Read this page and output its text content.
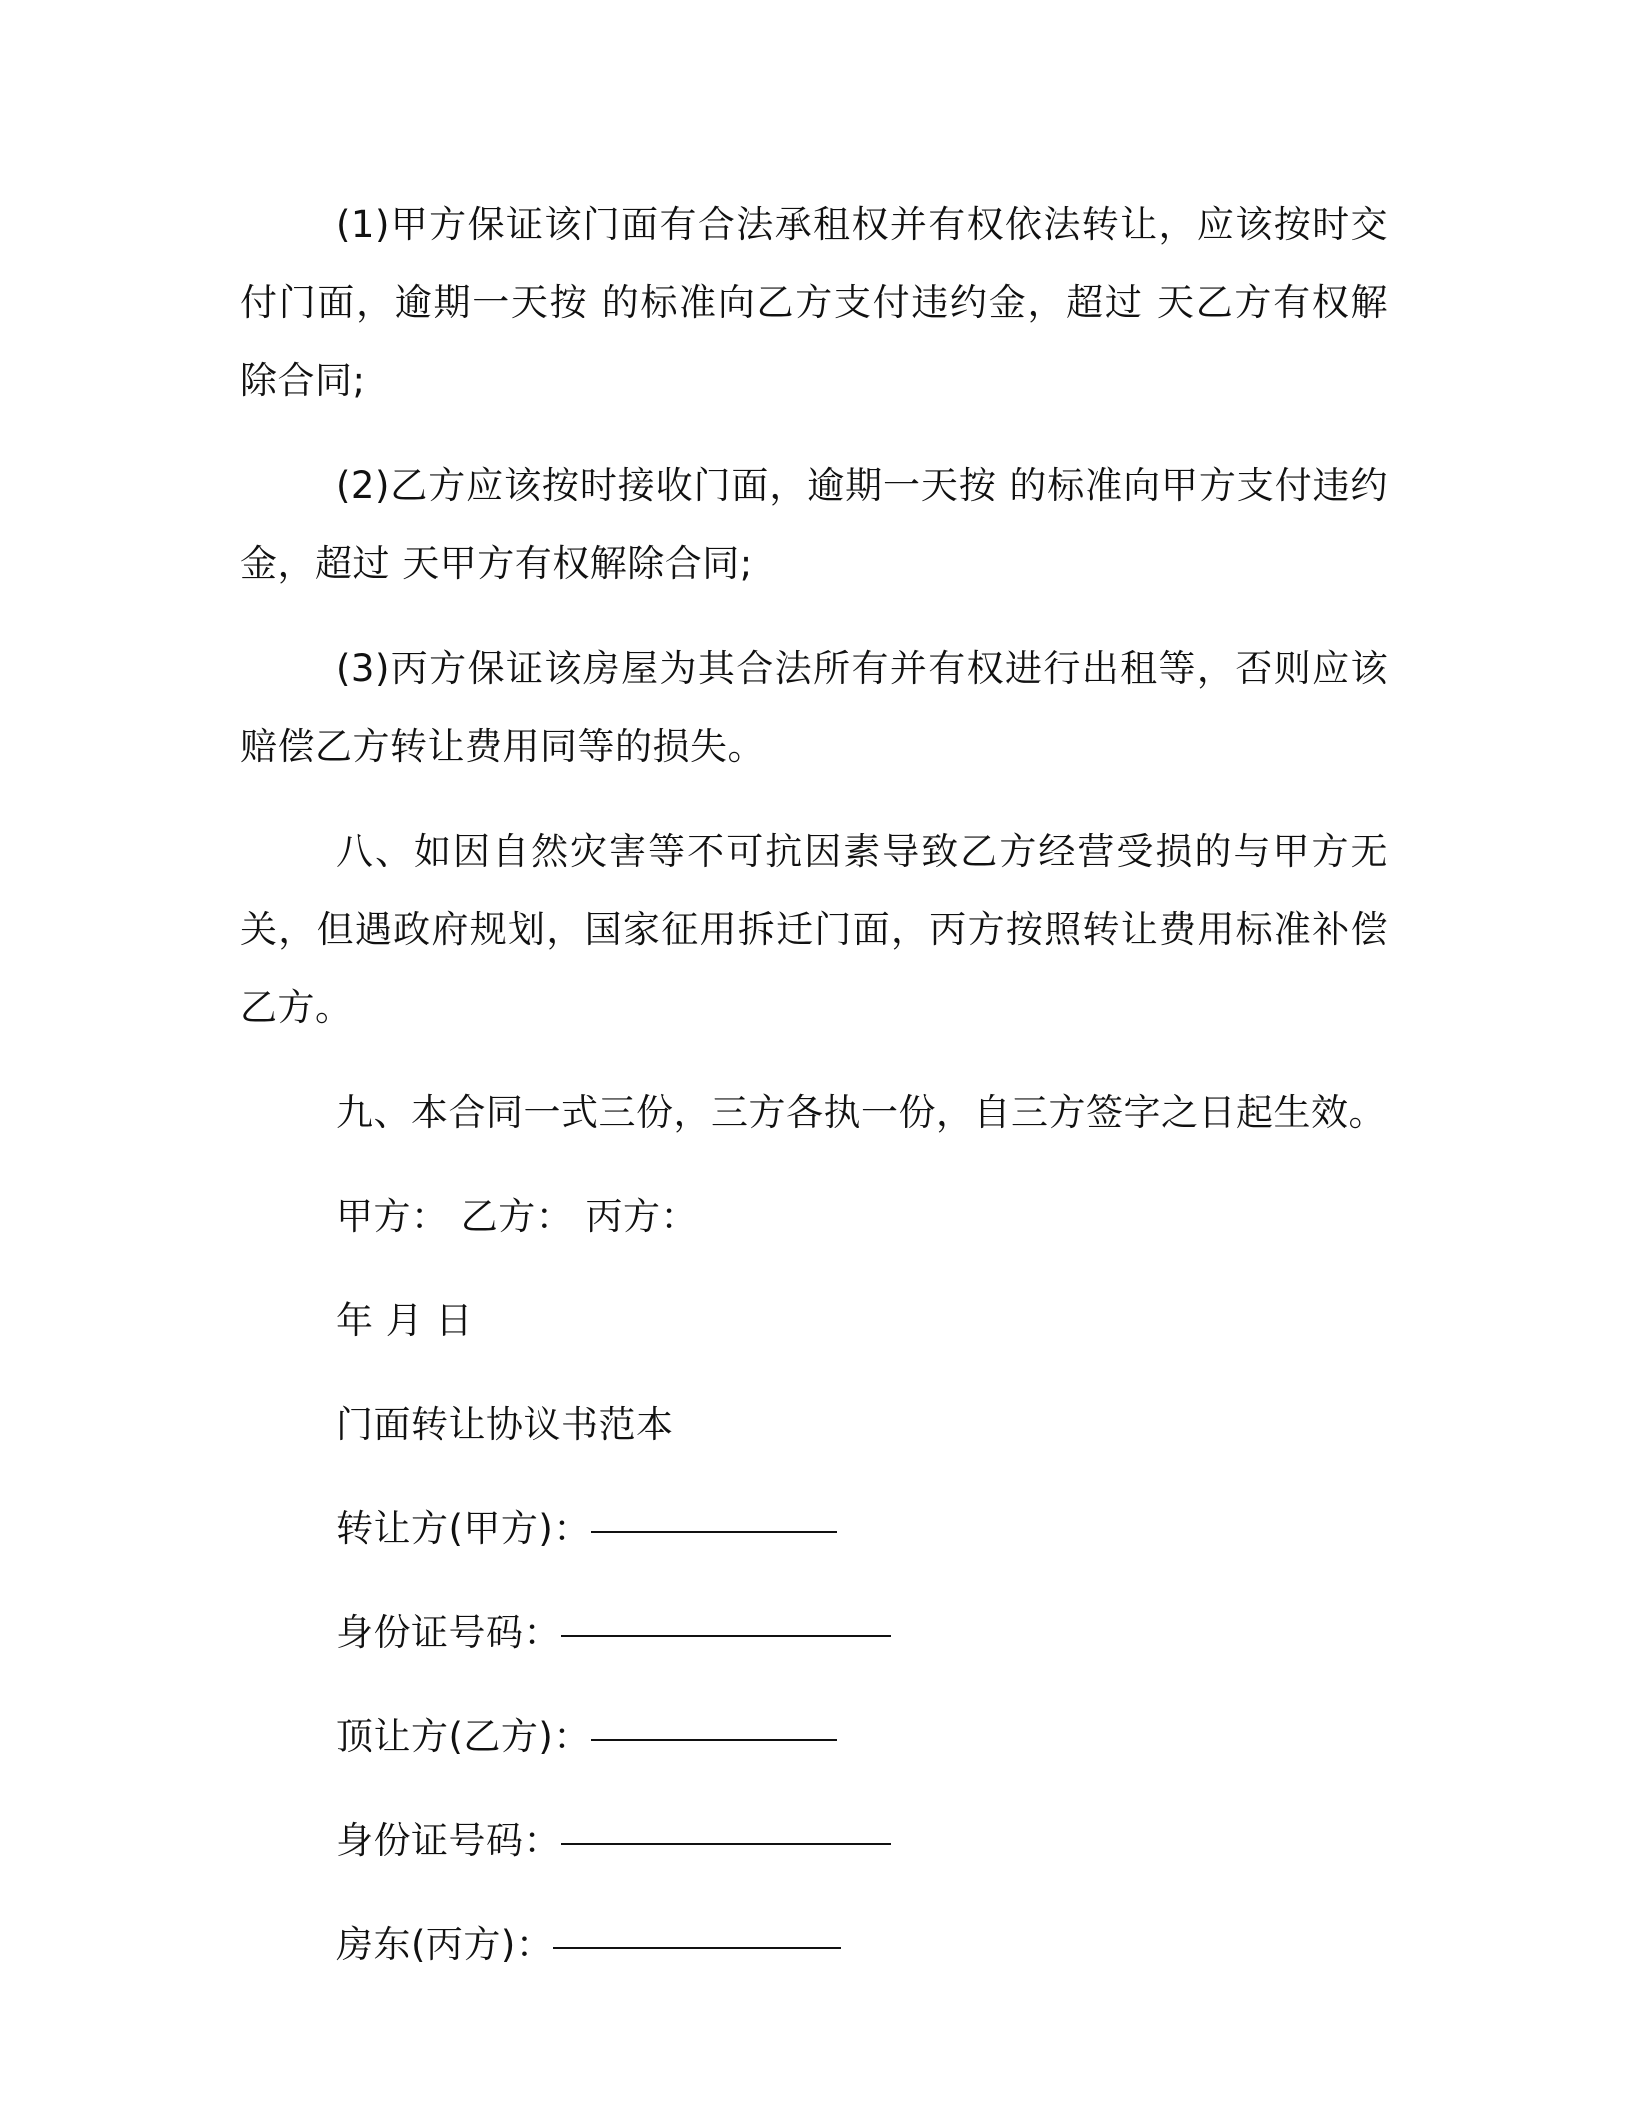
(1)甲方保证该门面有合法承租权并有权依法转让，应该按时交付门面，逾期一天按 的标准向乙方支付违约金，超过 天乙方有权解除合同;

(2)乙方应该按时接收门面，逾期一天按 的标准向甲方支付违约金，超过 天甲方有权解除合同;

(3)丙方保证该房屋为其合法所有并有权进行出租等，否则应该赔偿乙方转让费用同等的损失。

八、如因自然灾害等不可抗因素导致乙方经营受损的与甲方无关，但遇政府规划，国家征用拆迁门面，丙方按照转让费用标准补偿乙方。

九、本合同一式三份，三方各执一份，自三方签字之日起生效。

甲方： 乙方： 丙方：

年 月 日

门面转让协议书范本

转让方(甲方)：

身份证号码：

顶让方(乙方)：

身份证号码：

房东(丙方)：
